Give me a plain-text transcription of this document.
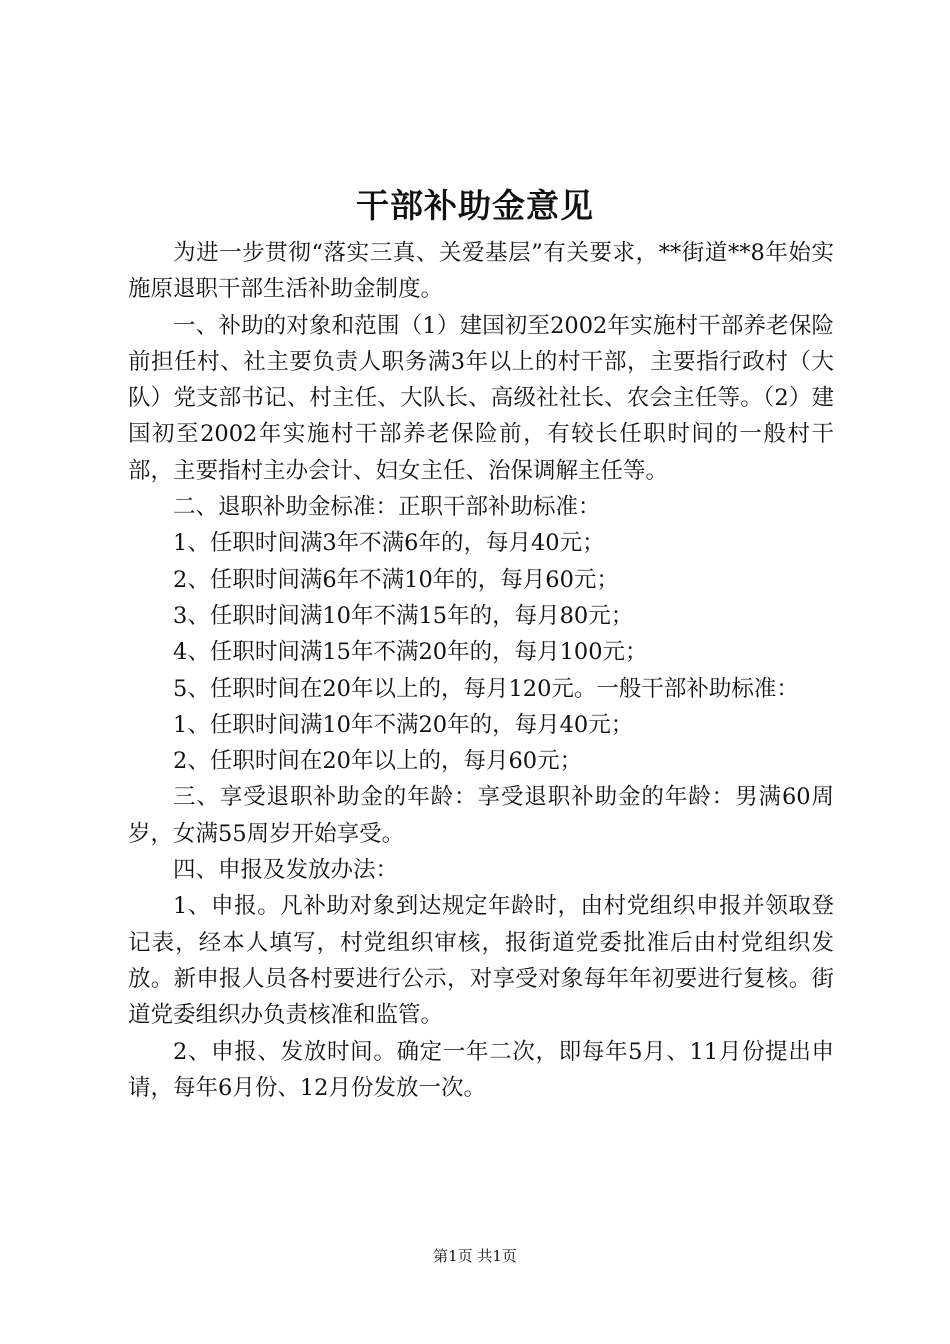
干部补助金意见

为进一步贯彻“落实三真、关爱基层”有关要求，**街道**8年始实施原退职干部生活补助金制度。

一、补助的对象和范围（1）建国初至2002年实施村干部养老保险前担任村、社主要负责人职务满3年以上的村干部，主要指行政村（大队）党支部书记、村主任、大队长、高级社社长、农会主任等。（2）建国初至2002年实施村干部养老保险前，有较长任职时间的一般村干部，主要指村主办会计、妇女主任、治保调解主任等。

二、退职补助金标准：正职干部补助标准：

1、任职时间满3年不满6年的，每月40元；

2、任职时间满6年不满10年的，每月60元；

3、任职时间满10年不满15年的，每月80元；

4、任职时间满15年不满20年的，每月100元；

5、任职时间在20年以上的，每月120元。一般干部补助标准：

1、任职时间满10年不满20年的，每月40元；

2、任职时间在20年以上的，每月60元；

三、享受退职补助金的年龄：享受退职补助金的年龄：男满60周岁，女满55周岁开始享受。

四、申报及发放办法：

1、申报。凡补助对象到达规定年龄时，由村党组织申报并领取登记表，经本人填写，村党组织审核，报街道党委批准后由村党组织发放。新申报人员各村要进行公示，对享受对象每年年初要进行复核。街道党委组织办负责核准和监管。

2、申报、发放时间。确定一年二次，即每年5月、11月份提出申请，每年6月份、12月份发放一次。

第1页 共1页
